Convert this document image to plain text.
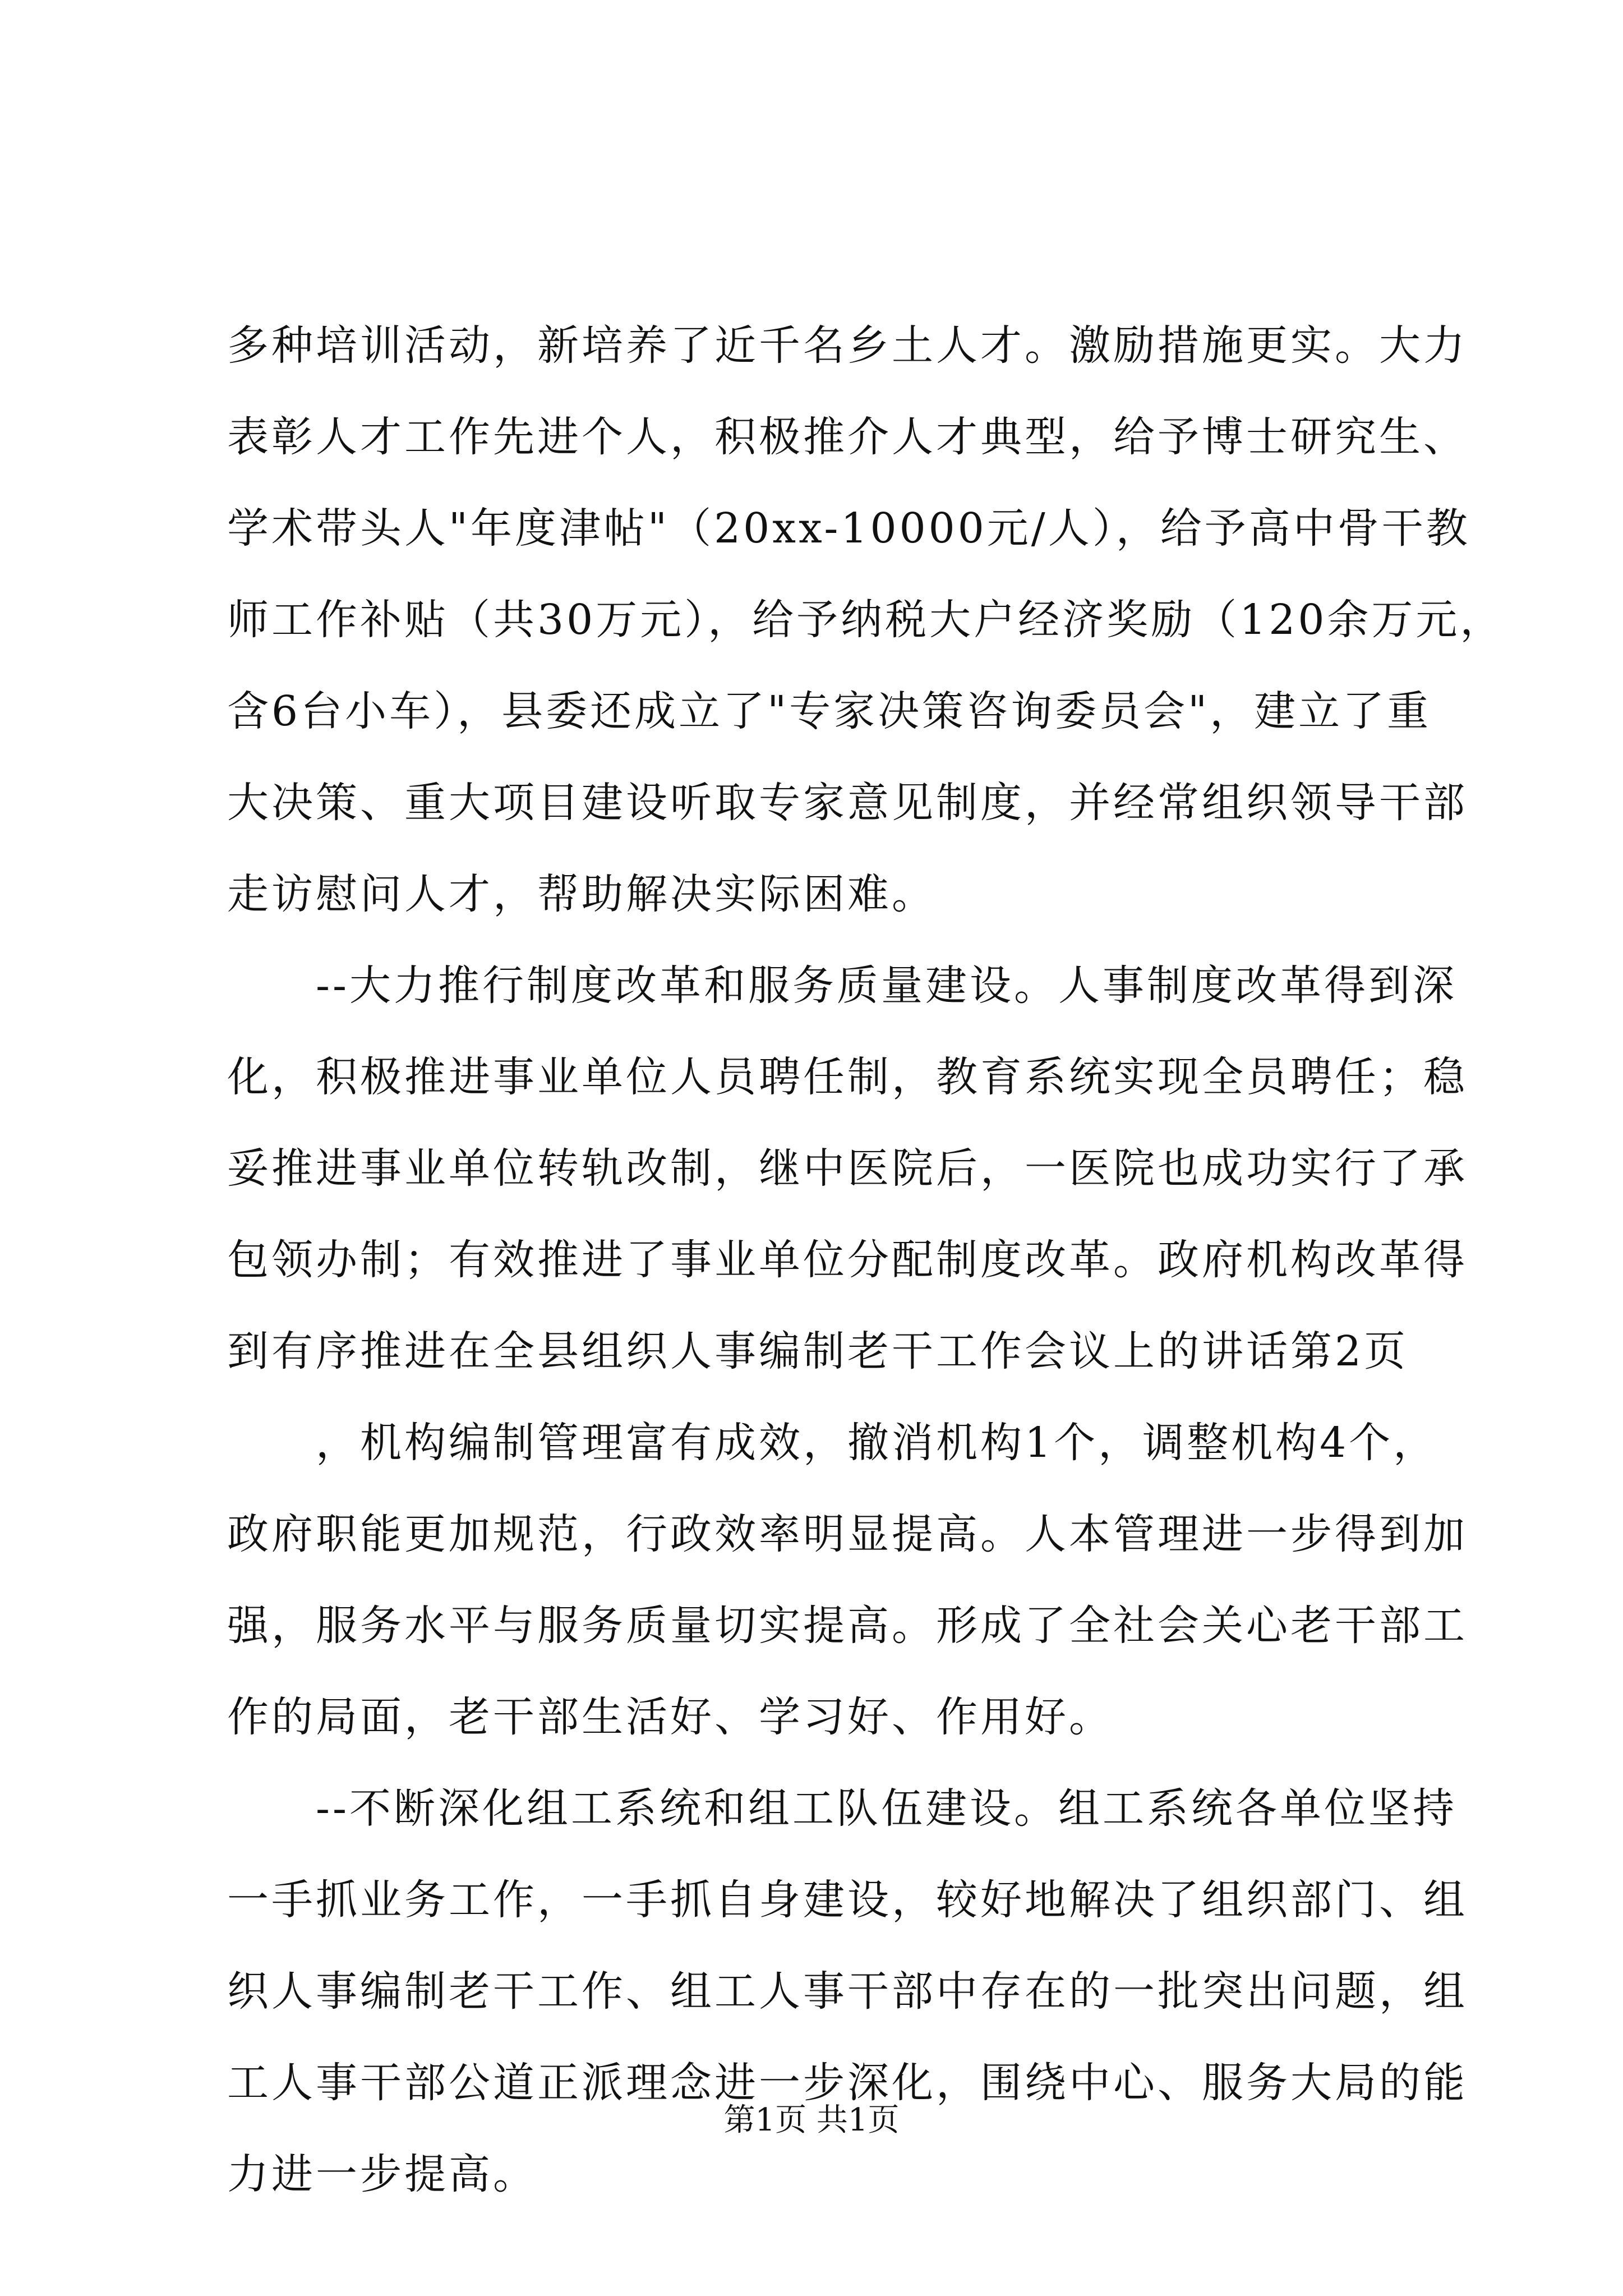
多种培训活动，新培养了近千名乡土人才。激励措施更实。大力
表彰人才工作先进个人，积极推介人才典型，给予博士研究生、
学术带头人"年度津帖"（20xx-10000元/人），给予高中骨干教
师工作补贴（共30万元），给予纳税大户经济奖励（120余万元，
含6台小车），县委还成立了"专家决策咨询委员会"，建立了重
大决策、重大项目建设听取专家意见制度，并经常组织领导干部
走访慰问人才，帮助解决实际困难。
　　--大力推行制度改革和服务质量建设。人事制度改革得到深
化，积极推进事业单位人员聘任制，教育系统实现全员聘任；稳
妥推进事业单位转轨改制，继中医院后，一医院也成功实行了承
包领办制；有效推进了事业单位分配制度改革。政府机构改革得
到有序推进在全县组织人事编制老干工作会议上的讲话第2页
　　，机构编制管理富有成效，撤消机构1个，调整机构4个，
政府职能更加规范，行政效率明显提高。人本管理进一步得到加
强，服务水平与服务质量切实提高。形成了全社会关心老干部工
作的局面，老干部生活好、学习好、作用好。
　　--不断深化组工系统和组工队伍建设。组工系统各单位坚持
一手抓业务工作，一手抓自身建设，较好地解决了组织部门、组
织人事编制老干工作、组工人事干部中存在的一批突出问题，组
工人事干部公道正派理念进一步深化，围绕中心、服务大局的能
力进一步提高。
第1页 共1页
